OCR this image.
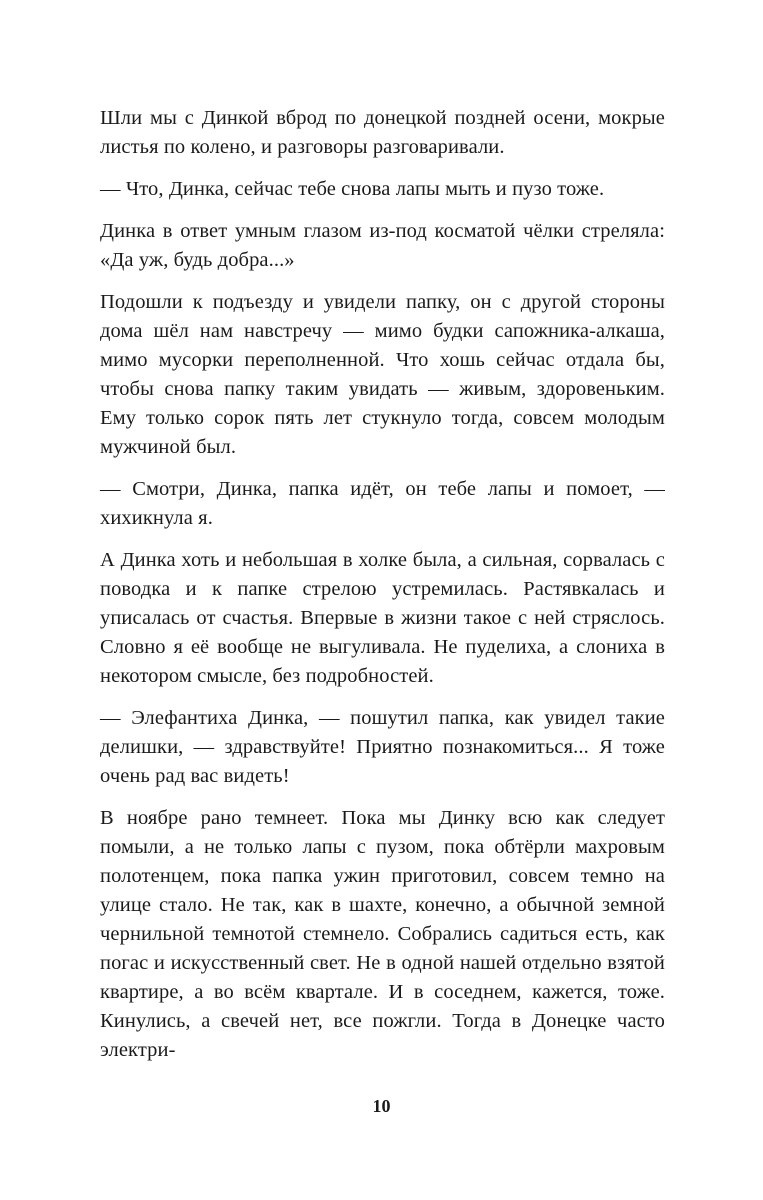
Шли мы с Динкой вброд по донецкой поздней осени, мокрые листья по колено, и разговоры разговаривали.

— Что, Динка, сейчас тебе снова лапы мыть и пузо тоже.

Динка в ответ умным глазом из-под косматой чёлки стреляла: «Да уж, будь добра...»

Подошли к подъезду и увидели папку, он с другой стороны дома шёл нам навстречу — мимо будки сапожника-алкаша, мимо мусорки переполненной. Что хошь сейчас отдала бы, чтобы снова папку таким увидать — живым, здоровеньким. Ему только сорок пять лет стукнуло тогда, совсем молодым мужчиной был.

— Смотри, Динка, папка идёт, он тебе лапы и помоет, — хихикнула я.

А Динка хоть и небольшая в холке была, а сильная, сорвалась с поводка и к папке стрелою устремилась. Растявкалась и уписалась от счастья. Впервые в жизни такое с ней стряслось. Словно я её вообще не выгуливала. Не пуделиха, а слониха в некотором смысле, без подробностей.

— Элефантиха Динка, — пошутил папка, как увидел такие делишки, — здравствуйте! Приятно познакомиться... Я тоже очень рад вас видеть!

В ноябре рано темнеет. Пока мы Динку всю как следует помыли, а не только лапы с пузом, пока обтёрли махровым полотенцем, пока папка ужин приготовил, совсем темно на улице стало. Не так, как в шахте, конечно, а обычной земной чернильной темнотой стемнело. Собрались садиться есть, как погас и искусственный свет. Не в одной нашей отдельно взятой квартире, а во всём квартале. И в соседнем, кажется, тоже. Кинулись, а свечей нет, все пожгли. Тогда в Донецке часто электри-

10
